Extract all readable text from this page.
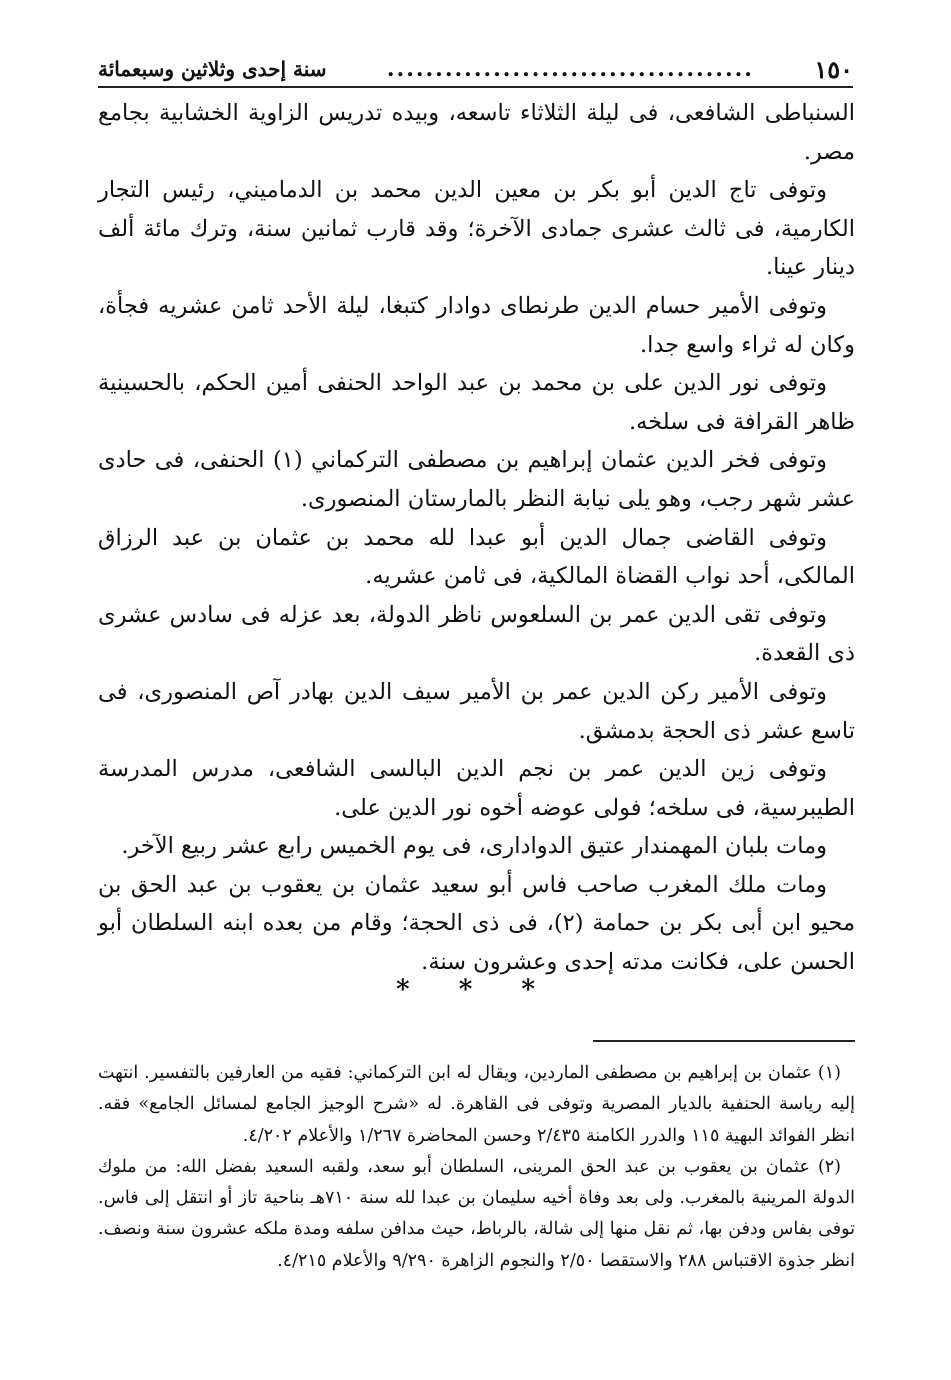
١٥٠
......................................
سنة إحدى وثلاثين وسبعمائة

السنباطى الشافعى، فى ليلة الثلاثاء تاسعه، وبيده تدريس الزاوية الخشابية بجامع مصر.

وتوفى تاج الدين أبو بكر بن معين الدين محمد بن الدماميني، رئيس التجار الكارمية، فى ثالث عشرى جمادى الآخرة؛ وقد قارب ثمانين سنة، وترك مائة ألف دينار عينا.

وتوفى الأمير حسام الدين طرنطاى دوادار كتبغا، ليلة الأحد ثامن عشريه فجأة، وكان له ثراء واسع جدا.

وتوفى نور الدين على بن محمد بن عبد الواحد الحنفى أمين الحكم، بالحسينية ظاهر القرافة فى سلخه.

وتوفى فخر الدين عثمان إبراهيم بن مصطفى التركماني (١) الحنفى، فى حادى عشر شهر رجب، وهو يلى نيابة النظر بالمارستان المنصورى.

وتوفى القاضى جمال الدين أبو عبدا لله محمد بن عثمان بن عبد الرزاق المالكى، أحد نواب القضاة المالكية، فى ثامن عشريه.

وتوفى تقى الدين عمر بن السلعوس ناظر الدولة، بعد عزله فى سادس عشرى ذى القعدة.

وتوفى الأمير ركن الدين عمر بن الأمير سيف الدين بهادر آص المنصورى، فى تاسع عشر ذى الحجة بدمشق.

وتوفى زين الدين عمر بن نجم الدين البالسى الشافعى، مدرس المدرسة الطيبرسية، فى سلخه؛ فولى عوضه أخوه نور الدين على.

ومات بلبان المهمندار عتيق الدوادارى، فى يوم الخميس رابع عشر ربيع الآخر.

ومات ملك المغرب صاحب فاس أبو سعيد عثمان بن يعقوب بن عبد الحق بن محيو ابن أبى بكر بن حمامة (٢)، فى ذى الحجة؛ وقام من بعده ابنه السلطان أبو الحسن على، فكانت مدته إحدى وعشرون سنة.

* * *

(١) عثمان بن إبراهيم بن مصطفى الماردين، ويقال له ابن التركماني: فقيه من العارفين بالتفسير. انتهت إليه رياسة الحنفية بالديار المصرية وتوفى فى القاهرة. له «شرح الوجيز الجامع لمسائل الجامع» فقه. انظر الفوائد البهية ١١٥ والدرر الكامنة ٢/٤٣٥ وحسن المحاضرة ١/٢٦٧ والأعلام ٤/٢٠٢.

(٢) عثمان بن يعقوب بن عبد الحق المرينى، السلطان أبو سعد، ولقبه السعيد بفضل الله: من ملوك الدولة المرينية بالمغرب. ولى بعد وفاة أخيه سليمان بن عبدا لله سنة ٧١٠هـ بناحية تاز أو انتقل إلى فاس. توفى بفاس ودفن بها، ثم نقل منها إلى شالة، بالرباط، حيث مدافن سلفه ومدة ملكه عشرون سنة ونصف. انظر جذوة الاقتباس ٢٨٨ والاستقصا ٢/٥٠ والنجوم الزاهرة ٩/٢٩٠ والأعلام ٤/٢١٥.
